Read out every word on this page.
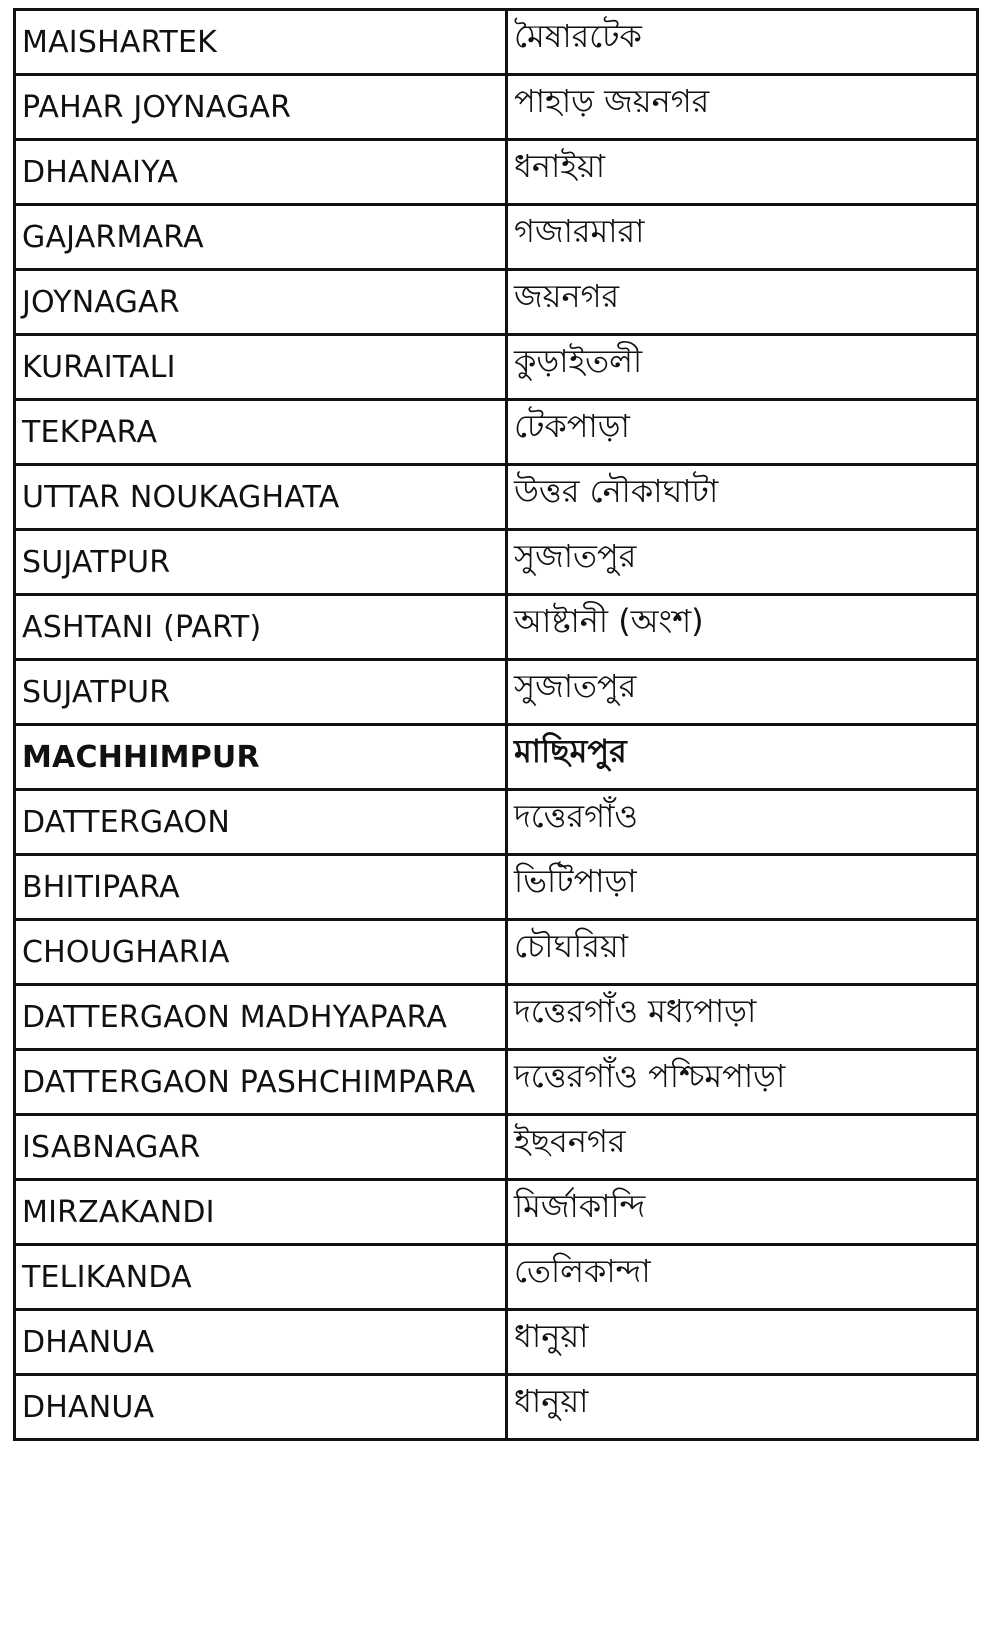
MAISHARTEK	মৈষারটেক
PAHAR JOYNAGAR	পাহাড় জয়নগর
DHANAIYA	ধনাইয়া
GAJARMARA	গজারমারা
JOYNAGAR	জয়নগর
KURAITALI	কুড়াইতলী
TEKPARA	টেকপাড়া
UTTAR NOUKAGHATA	উত্তর নৌকাঘাটা
SUJATPUR	সুজাতপুর
ASHTANI (PART)	আষ্টানী (অংশ)
SUJATPUR	সুজাতপুর
MACHHIMPUR	মাছিমপুর
DATTERGAON	দত্তেরগাঁও
BHITIPARA	ভিটিপাড়া
CHOUGHARIA	চৌঘরিয়া
DATTERGAON MADHYAPARA	দত্তেরগাঁও মধ্যপাড়া
DATTERGAON PASHCHIMPARA	দত্তেরগাঁও পশ্চিমপাড়া
ISABNAGAR	ইছবনগর
MIRZAKANDI	মির্জাকান্দি
TELIKANDA	তেলিকান্দা
DHANUA	ধানুয়া
DHANUA	ধানুয়া
